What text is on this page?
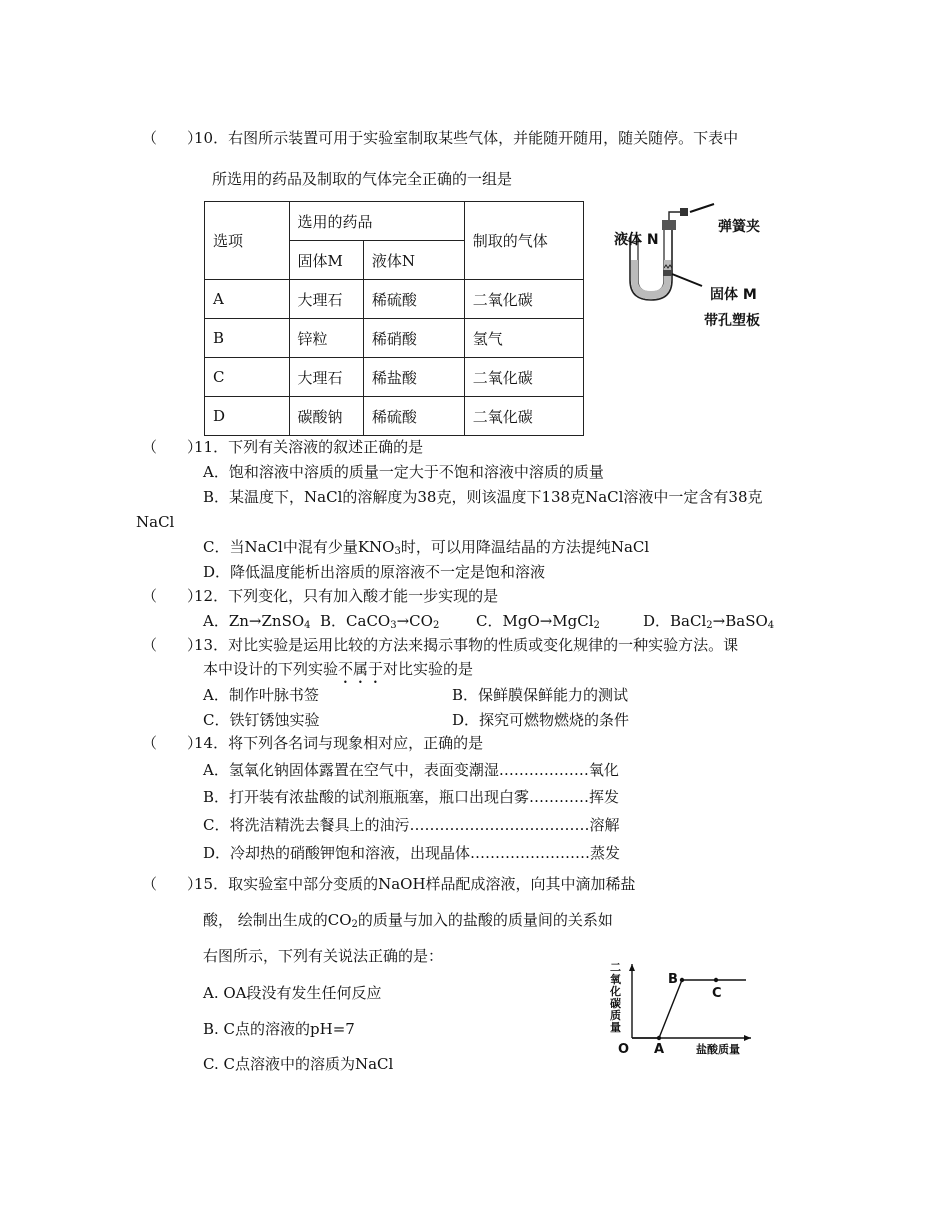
（　　）
10．右图所示装置可用于实验室制取某些气体，并能随开随用，随关随停。下表中
所选用的药品及制取的气体完全正确的一组是
选项	选用的药品		制取的气体
	固体M	液体N	
A	大理石	稀硫酸	二氧化碳
B	锌粒	稀硝酸	氢气
C	大理石	稀盐酸	二氧化碳
D	碳酸钠	稀硫酸	二氧化碳
液体 N
弹簧夹
固体 M
带孔塑板
（　　）
11．下列有关溶液的叙述正确的是
A．饱和溶液中溶质的质量一定大于不饱和溶液中溶质的质量
B．某温度下，NaCl的溶解度为38克，则该温度下138克NaCl溶液中一定含有38克
NaCl
C．当NaCl中混有少量$KNO_3$时，可以用降温结晶的方法提纯NaCl
D．降低温度能析出溶质的原溶液不一定是饱和溶液
（　　）
12．下列变化，只有加入酸才能一步实现的是
A．Zn→ZnSO$_4$ B．$CaCO_3\to CO_2$ C．MgO→MgCl$_2$	D．BaCl$_2$→BaSO$_4$
（　　）
13．对比实验是运用比较的方法来揭示事物的性质或变化规律的一种实验方法。课
本中设计的下列实验不属于对比实验的是
A．制作叶脉书签	B．保鲜膜保鲜能力的测试
C．铁钉锈蚀实验	D．探究可燃物燃烧的条件
（　　）
14．将下列各名词与现象相对应，正确的是
A．氢氧化钠固体露置在空气中，表面变潮湿………………氧化
B．打开装有浓盐酸的试剂瓶瓶塞，瓶口出现白雾…………挥发
C．将洗洁精洗去餐具上的油污………………………………溶解
D．冷却热的硝酸钾饱和溶液，出现晶体……………………蒸发
（　　）
15．取实验室中部分变质的NaOH样品配成溶液，向其中滴加稀盐
酸， 绘制出生成的$CO_2$的质量与加入的盐酸的质量间的关系如
右图所示，下列有关说法正确的是：
A. OA段没有发生任何反应
B. C点的溶液的pH=7
C. C点溶液中的溶质为NaCl
二氧化碳质量
O A
B
C
盐酸质量
